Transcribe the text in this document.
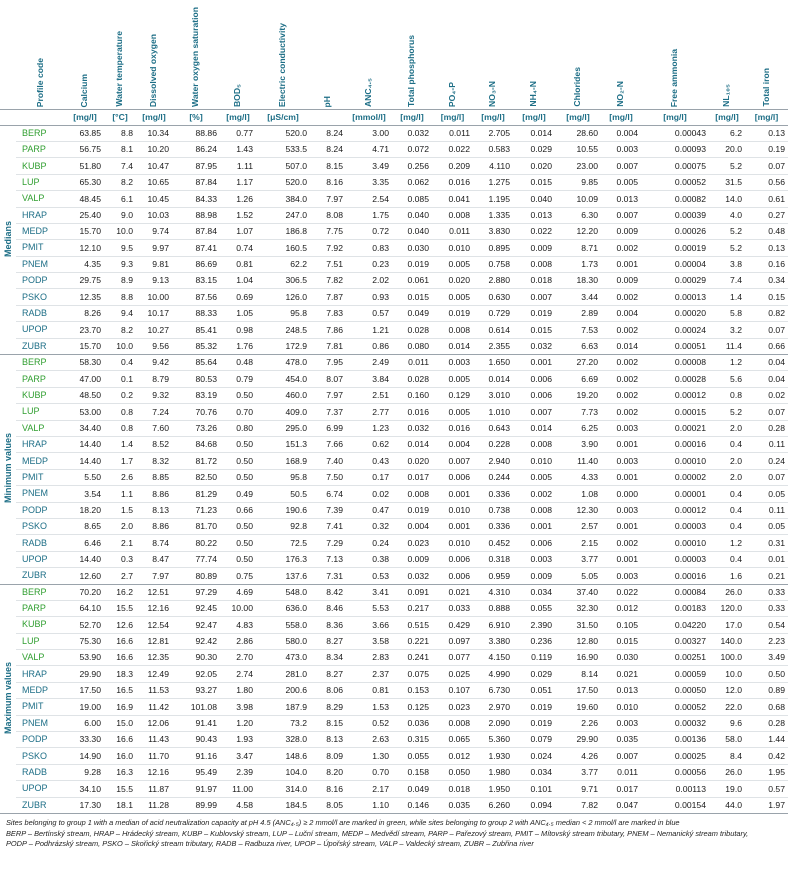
	Profile code	Calcium	Water temperature	Dissolved oxygen	Water oxygen saturation	BOD₅	Electric conductivity	pH	ANC₄.₅	Total phosphorus	PO₄-P	NO₃-N	NH₄-N	Chlorides	NO₂-N	Free ammonia	NL₁₀₅	Total iron
		[mg/l]	[°C]	[mg/l]	[%]	[mg/l]	[μS/cm]		[mmol/l]	[mg/l]	[mg/l]	[mg/l]	[mg/l]	[mg/l]	[mg/l]	[mg/l]	[mg/l]	[mg/l]
Medians	BERP	63.85	8.8	10.34	88.86	0.77	520.0	8.24	3.00	0.032	0.011	2.705	0.014	28.60	0.004	0.00043	6.2	0.13
	PARP	56.75	8.1	10.20	86.24	1.43	533.5	8.24	4.71	0.072	0.022	0.583	0.029	10.55	0.003	0.00093	20.0	0.19
	KUBP	51.80	7.4	10.47	87.95	1.11	507.0	8.15	3.49	0.256	0.209	4.110	0.020	23.00	0.007	0.00075	5.2	0.07
	LUP	65.30	8.2	10.65	87.84	1.17	520.0	8.16	3.35	0.062	0.016	1.275	0.015	9.85	0.005	0.00052	31.5	0.56
	VALP	48.45	6.1	10.45	84.33	1.26	384.0	7.97	2.54	0.085	0.041	1.195	0.040	10.09	0.013	0.00082	14.0	0.61
	HRAP	25.40	9.0	10.03	88.98	1.52	247.0	8.08	1.75	0.040	0.008	1.335	0.013	6.30	0.007	0.00039	4.0	0.27
	MEDP	15.70	10.0	9.74	87.84	1.07	186.8	7.75	0.72	0.040	0.011	3.830	0.022	12.20	0.009	0.00026	5.2	0.48
	PMIT	12.10	9.5	9.97	87.41	0.74	160.5	7.92	0.83	0.030	0.010	0.895	0.009	8.71	0.002	0.00019	5.2	0.13
	PNEM	4.35	9.3	9.81	86.69	0.81	62.2	7.51	0.23	0.019	0.005	0.758	0.008	1.73	0.001	0.00004	3.8	0.16
	PODP	29.75	8.9	9.13	83.15	1.04	306.5	7.82	2.02	0.061	0.020	2.880	0.018	18.30	0.009	0.00029	7.4	0.34
	PSKO	12.35	8.8	10.00	87.56	0.69	126.0	7.87	0.93	0.015	0.005	0.630	0.007	3.44	0.002	0.00013	1.4	0.15
	RADB	8.26	9.4	10.17	88.33	1.05	95.8	7.83	0.57	0.049	0.019	0.729	0.019	2.89	0.004	0.00020	5.8	0.82
	UPOP	23.70	8.2	10.27	85.41	0.98	248.5	7.86	1.21	0.028	0.008	0.614	0.015	7.53	0.002	0.00024	3.2	0.07
	ZUBR	15.70	10.0	9.56	85.32	1.76	172.9	7.81	0.86	0.080	0.014	2.355	0.032	6.63	0.014	0.00051	11.4	0.66
Minimum values	BERP	58.30	0.4	9.42	85.64	0.48	478.0	7.95	2.49	0.011	0.003	1.650	0.001	27.20	0.002	0.00008	1.2	0.04
	PARP	47.00	0.1	8.79	80.53	0.79	454.0	8.07	3.84	0.028	0.005	0.014	0.006	6.69	0.002	0.00028	5.6	0.04
	KUBP	48.50	0.2	9.32	83.19	0.50	460.0	7.97	2.51	0.160	0.129	3.010	0.006	19.20	0.002	0.00012	0.8	0.02
	LUP	53.00	0.8	7.24	70.76	0.70	409.0	7.37	2.77	0.016	0.005	1.010	0.007	7.73	0.002	0.00015	5.2	0.07
	VALP	34.40	0.8	7.60	73.26	0.80	295.0	6.99	1.23	0.032	0.016	0.643	0.014	6.25	0.003	0.00021	2.0	0.28
	HRAP	14.40	1.4	8.52	84.68	0.50	151.3	7.66	0.62	0.014	0.004	0.228	0.008	3.90	0.001	0.00016	0.4	0.11
	MEDP	14.40	1.7	8.32	81.72	0.50	168.9	7.40	0.43	0.020	0.007	2.940	0.010	11.40	0.003	0.00010	2.0	0.24
	PMIT	5.50	2.6	8.85	82.50	0.50	95.8	7.50	0.17	0.017	0.006	0.244	0.005	4.33	0.001	0.00002	2.0	0.07
	PNEM	3.54	1.1	8.86	81.29	0.49	50.5	6.74	0.02	0.008	0.001	0.336	0.002	1.08	0.000	0.00001	0.4	0.05
	PODP	18.20	1.5	8.13	71.23	0.66	190.6	7.39	0.47	0.019	0.010	0.738	0.008	12.30	0.003	0.00012	0.4	0.11
	PSKO	8.65	2.0	8.86	81.70	0.50	92.8	7.41	0.32	0.004	0.001	0.336	0.001	2.57	0.001	0.00003	0.4	0.05
	RADB	6.46	2.1	8.74	80.22	0.50	72.5	7.29	0.24	0.023	0.010	0.452	0.006	2.15	0.002	0.00010	1.2	0.31
	UPOP	14.40	0.3	8.47	77.74	0.50	176.3	7.13	0.38	0.009	0.006	0.318	0.003	3.77	0.001	0.00003	0.4	0.01
	ZUBR	12.60	2.7	7.97	80.89	0.75	137.6	7.31	0.53	0.032	0.006	0.959	0.009	5.05	0.003	0.00016	1.6	0.21
Maximum values	BERP	70.20	16.2	12.51	97.29	4.69	548.0	8.42	3.41	0.091	0.021	4.310	0.034	37.40	0.022	0.00084	26.0	0.33
	PARP	64.10	15.5	12.16	92.45	10.00	636.0	8.46	5.53	0.217	0.033	0.888	0.055	32.30	0.012	0.00183	120.0	0.33
	KUBP	52.70	12.6	12.54	92.47	4.83	558.0	8.36	3.66	0.515	0.429	6.910	2.390	31.50	0.105	0.04220	17.0	0.54
	LUP	75.30	16.6	12.81	92.42	2.86	580.0	8.27	3.58	0.221	0.097	3.380	0.236	12.80	0.015	0.00327	140.0	2.23
	VALP	53.90	16.6	12.35	90.30	2.70	473.0	8.34	2.83	0.241	0.077	4.150	0.119	16.90	0.030	0.00251	100.0	3.49
	HRAP	29.90	18.3	12.49	92.05	2.74	281.0	8.27	2.37	0.075	0.025	4.990	0.029	8.14	0.021	0.00059	10.0	0.50
	MEDP	17.50	16.5	11.53	93.27	1.80	200.6	8.06	0.81	0.153	0.107	6.730	0.051	17.50	0.013	0.00050	12.0	0.89
	PMIT	19.00	16.9	11.42	101.08	3.98	187.9	8.29	1.53	0.125	0.023	2.970	0.019	19.60	0.010	0.00052	22.0	0.68
	PNEM	6.00	15.0	12.06	91.41	1.20	73.2	8.15	0.52	0.036	0.008	2.090	0.019	2.26	0.003	0.00032	9.6	0.28
	PODP	33.30	16.6	11.43	90.43	1.93	328.0	8.13	2.63	0.315	0.065	5.360	0.079	29.90	0.035	0.00136	58.0	1.44
	PSKO	14.90	16.0	11.70	91.16	3.47	148.6	8.09	1.30	0.055	0.012	1.930	0.024	4.26	0.007	0.00025	8.4	0.42
	RADB	9.28	16.3	12.16	95.49	2.39	104.0	8.20	0.70	0.158	0.050	1.980	0.034	3.77	0.011	0.00056	26.0	1.95
	UPOP	34.10	15.5	11.87	91.97	11.00	314.0	8.16	2.17	0.049	0.018	1.950	0.101	9.71	0.017	0.00113	19.0	0.57
	ZUBR	17.30	18.1	11.28	89.99	4.58	184.5	8.05	1.10	0.146	0.035	6.260	0.094	7.82	0.047	0.00154	44.0	1.97

Sites belonging to group 1 with a median of acid neutralization capacity at pH 4.5 (ANC₄.₅) ≥ 2 mmol/l are marked in green, while sites belonging to group 2 with ANC₄.₅ median < 2 mmol/l are marked in blue

BERP – Bertínský stream, HRAP – Hrádecký stream, KUBP – Kublovský stream, LUP – Luční stream, MEDP – Medvědí stream, PARP – Pařezový stream, PMIT – Mítovský stream tributary, PNEM – Nemanický stream tributary,

PODP – Podhrázský stream, PSKO – Skořický stream tributary, RADB – Radbuza river, UPOP – Úpořský stream, VALP – Valdecký stream, ZUBR – Zubřina river
